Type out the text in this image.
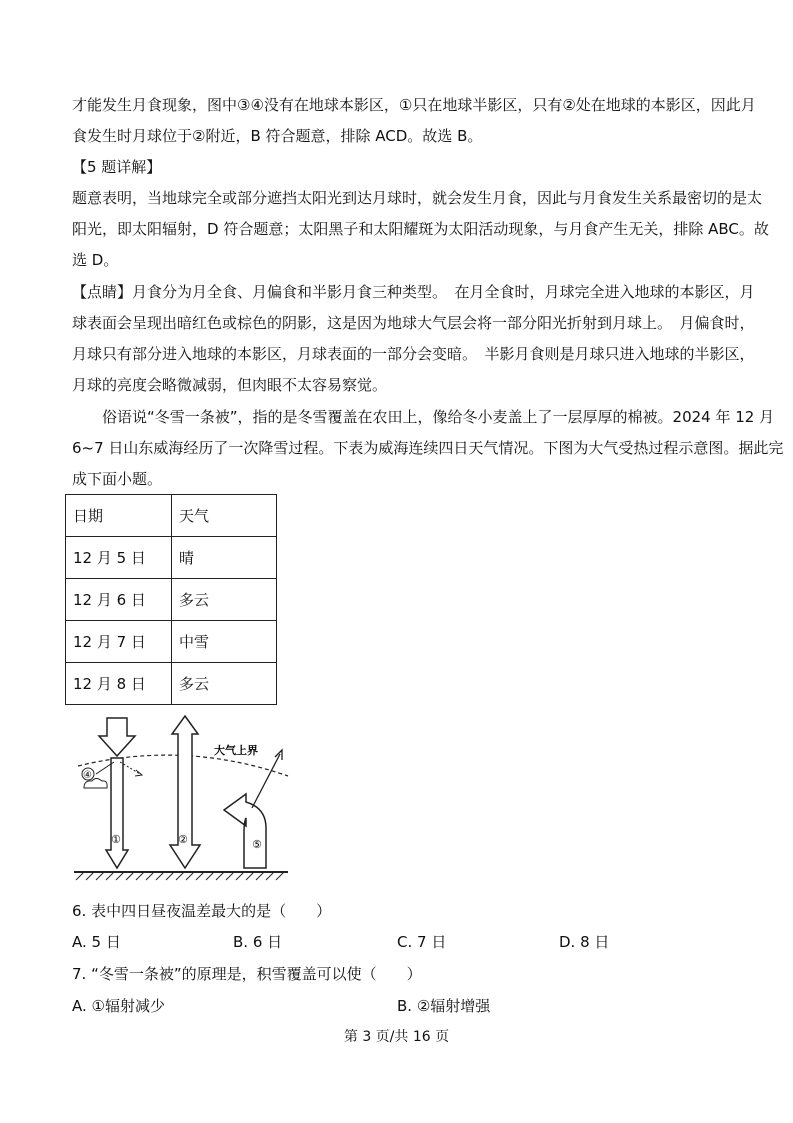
才能发生月食现象，图中③④没有在地球本影区，①只在地球半影区，只有②处在地球的本影区，因此月
食发生时月球位于②附近，B 符合题意，排除 ACD。故选 B。
【5 题详解】
题意表明，当地球完全或部分遮挡太阳光到达月球时，就会发生月食，因此与月食发生关系最密切的是太
阳光，即太阳辐射，D 符合题意；太阳黑子和太阳耀斑为太阳活动现象，与月食产生无关，排除 ABC。故
选 D。
【点睛】月食分为月全食、月偏食和半影月食三种类型。　在月全食时，月球完全进入地球的本影区，月
球表面会呈现出暗红色或棕色的阴影，这是因为地球大气层会将一部分阳光折射到月球上。　月偏食时，
月球只有部分进入地球的本影区，月球表面的一部分会变暗。　半影月食则是月球只进入地球的半影区，
月球的亮度会略微减弱，但肉眼不太容易察觉。
俗语说“冬雪一条被”，指的是冬雪覆盖在农田上，像给冬小麦盖上了一层厚厚的棉被。2024 年 12 月
6~7 日山东威海经历了一次降雪过程。下表为威海连续四日天气情况。下图为大气受热过程示意图。据此完
成下面小题。
日期	天气
12 月 5 日	晴
12 月 6 日	多云
12 月 7 日	中雪
12 月 8 日	多云
大气上界
①
④
②	⑤
6. 表中四日昼夜温差最大的是（　　）
A. 5 日	B. 6 日	C. 7 日	D. 8 日
7. “冬雪一条被”的原理是，积雪覆盖可以使（　　）
A. ①辐射减少	B. ②辐射增强
第 3 页/共 16 页
